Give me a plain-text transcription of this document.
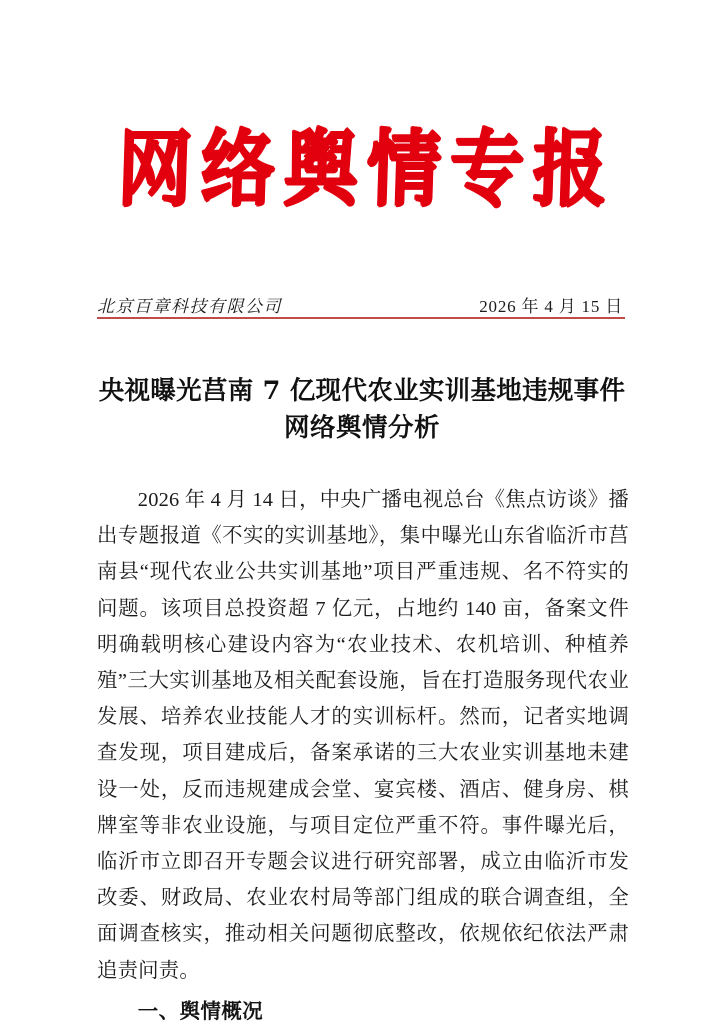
网络舆情专报
北京百章科技有限公司	2026 年 4 月 15 日
央视曝光莒南 7 亿现代农业实训基地违规事件
网络舆情分析

2026 年 4 月 14 日，中央广播电视总台《焦点访谈》播出专题报道《不实的实训基地》，集中曝光山东省临沂市莒南县“现代农业公共实训基地”项目严重违规、名不符实的问题。该项目总投资超 7 亿元，占地约 140 亩，备案文件明确载明核心建设内容为“农业技术、农机培训、种植养殖”三大实训基地及相关配套设施，旨在打造服务现代农业发展、培养农业技能人才的实训标杆。然而，记者实地调查发现，项目建成后，备案承诺的三大农业实训基地未建设一处，反而违规建成会堂、宴宾楼、酒店、健身房、棋牌室等非农业设施，与项目定位严重不符。事件曝光后，临沂市立即召开专题会议进行研究部署，成立由临沂市发改委、财政局、农业农村局等部门组成的联合调查组，全面调查核实，推动相关问题彻底整改，依规依纪依法严肃追责问责。

一、舆情概况
